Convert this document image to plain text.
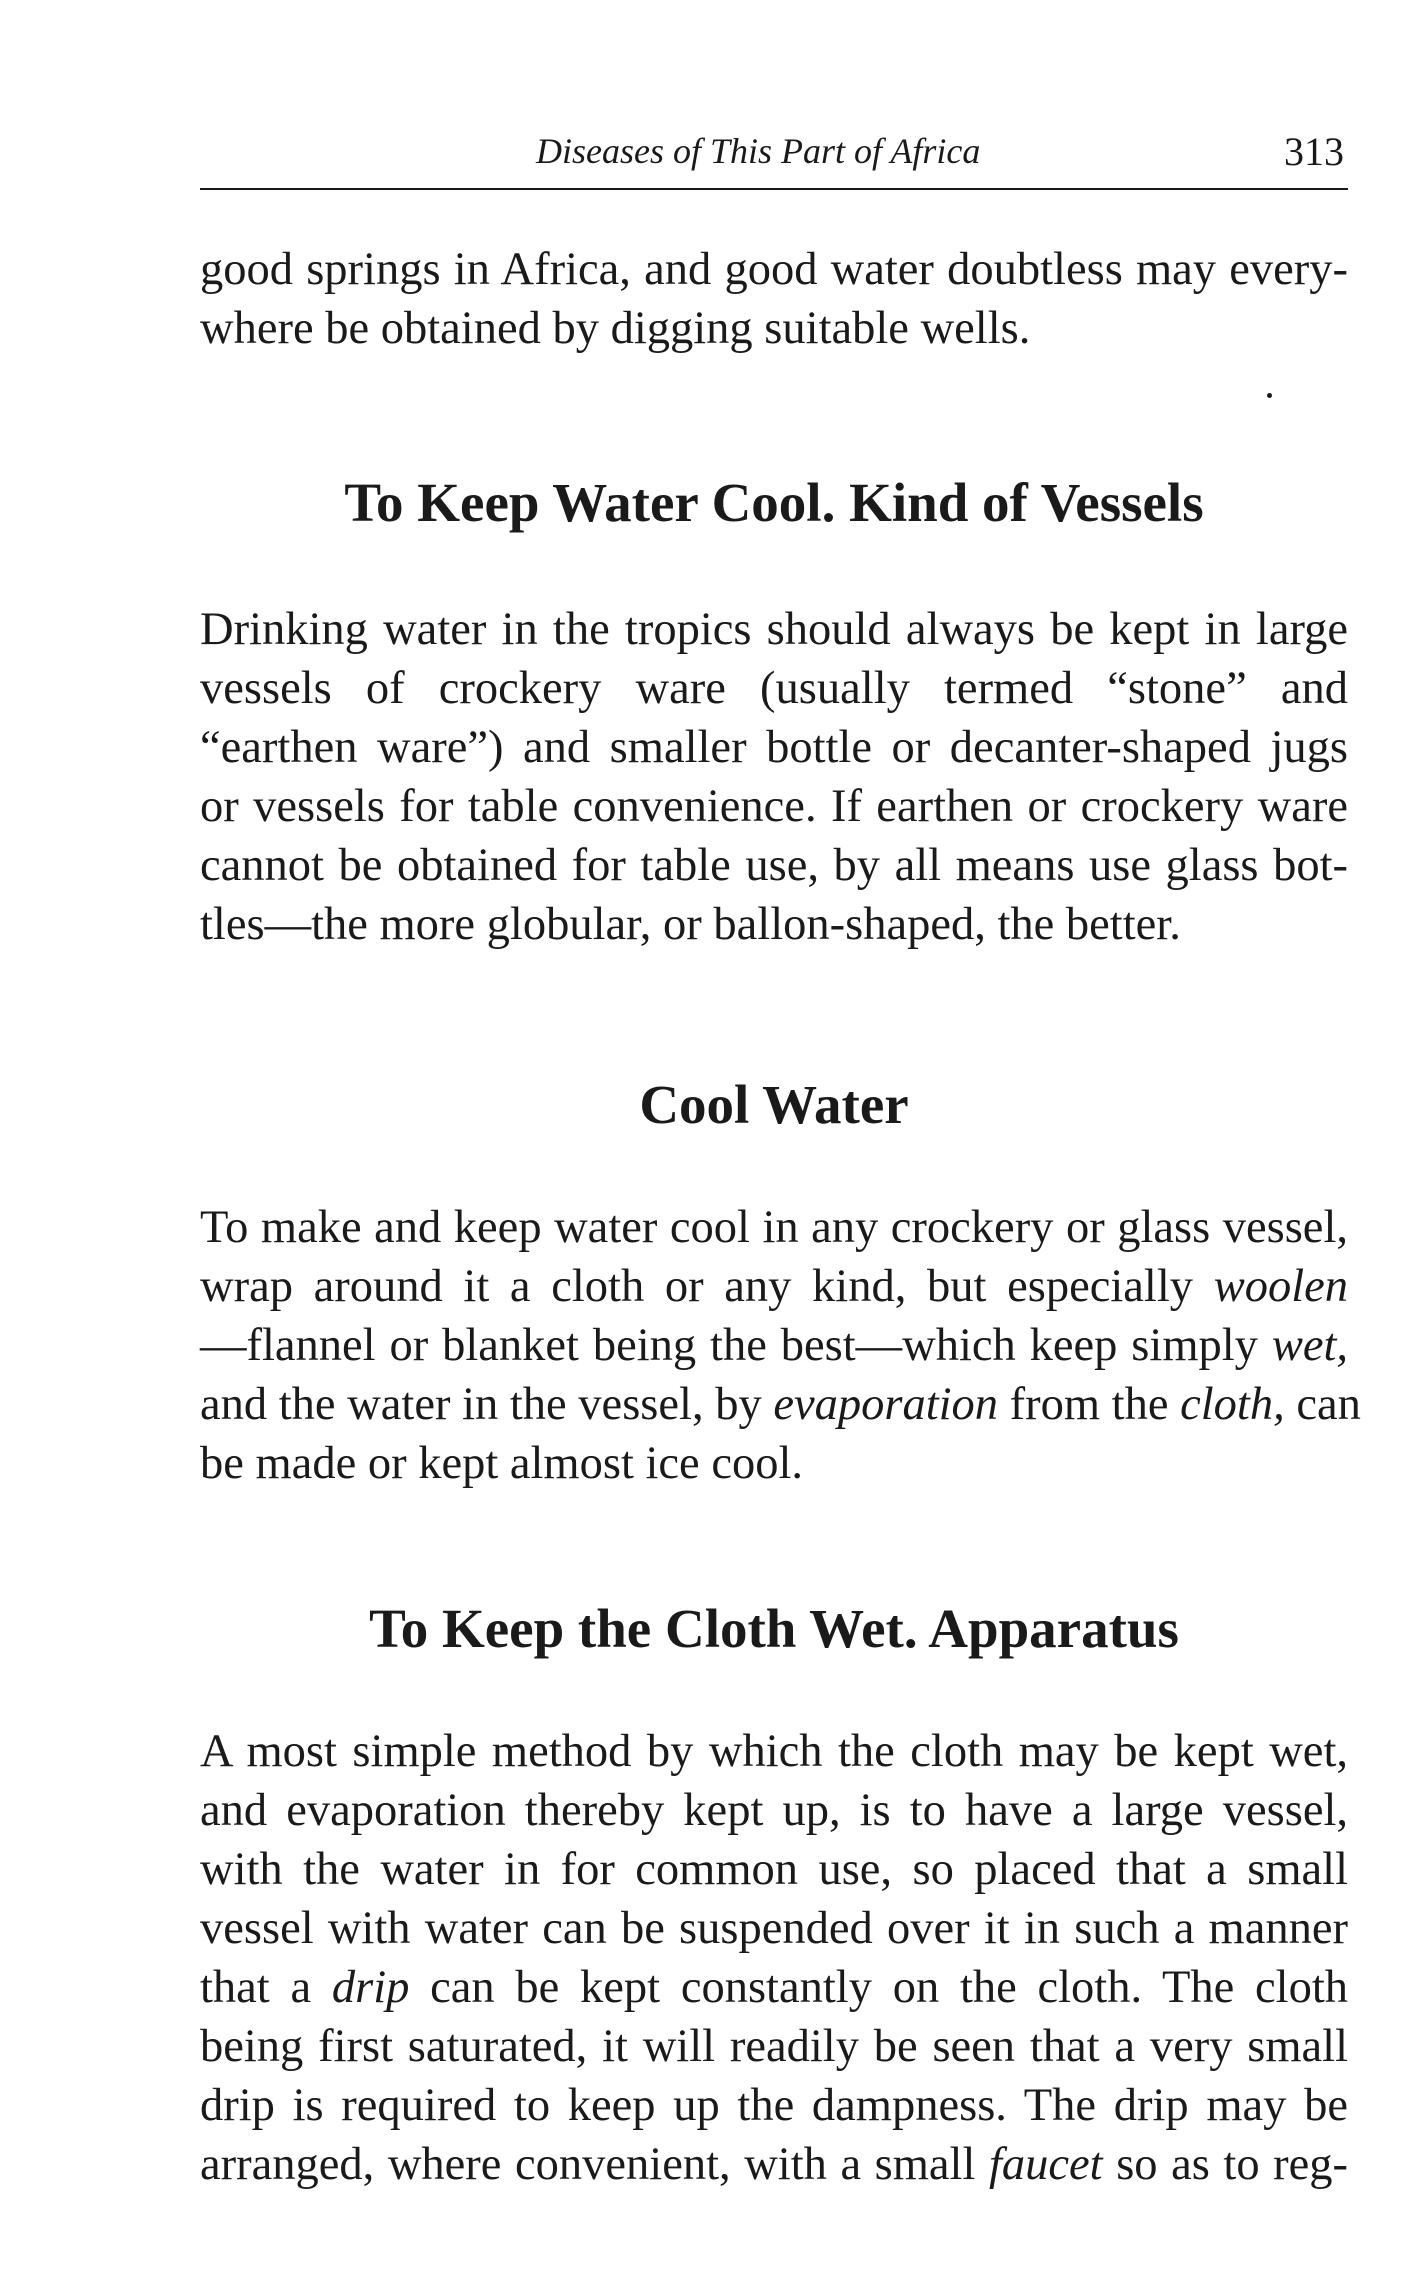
Diseases of This Part of Africa	313

good springs in Africa, and good water doubtless may every-
where be obtained by digging suitable wells.

To Keep Water Cool. Kind of Vessels

Drinking water in the tropics should always be kept in large
vessels of crockery ware (usually termed “stone” and
“earthen ware”) and smaller bottle or decanter-shaped jugs
or vessels for table convenience. If earthen or crockery ware
cannot be obtained for table use, by all means use glass bot-
tles—the more globular, or ballon-shaped, the better.

Cool Water

To make and keep water cool in any crockery or glass vessel,
wrap around it a cloth or any kind, but especially woolen
—flannel or blanket being the best—which keep simply wet,
and the water in the vessel, by evaporation from the cloth, can
be made or kept almost ice cool.

To Keep the Cloth Wet. Apparatus

A most simple method by which the cloth may be kept wet,
and evaporation thereby kept up, is to have a large vessel,
with the water in for common use, so placed that a small
vessel with water can be suspended over it in such a manner
that a drip can be kept constantly on the cloth. The cloth
being first saturated, it will readily be seen that a very small
drip is required to keep up the dampness. The drip may be
arranged, where convenient, with a small faucet so as to reg-
